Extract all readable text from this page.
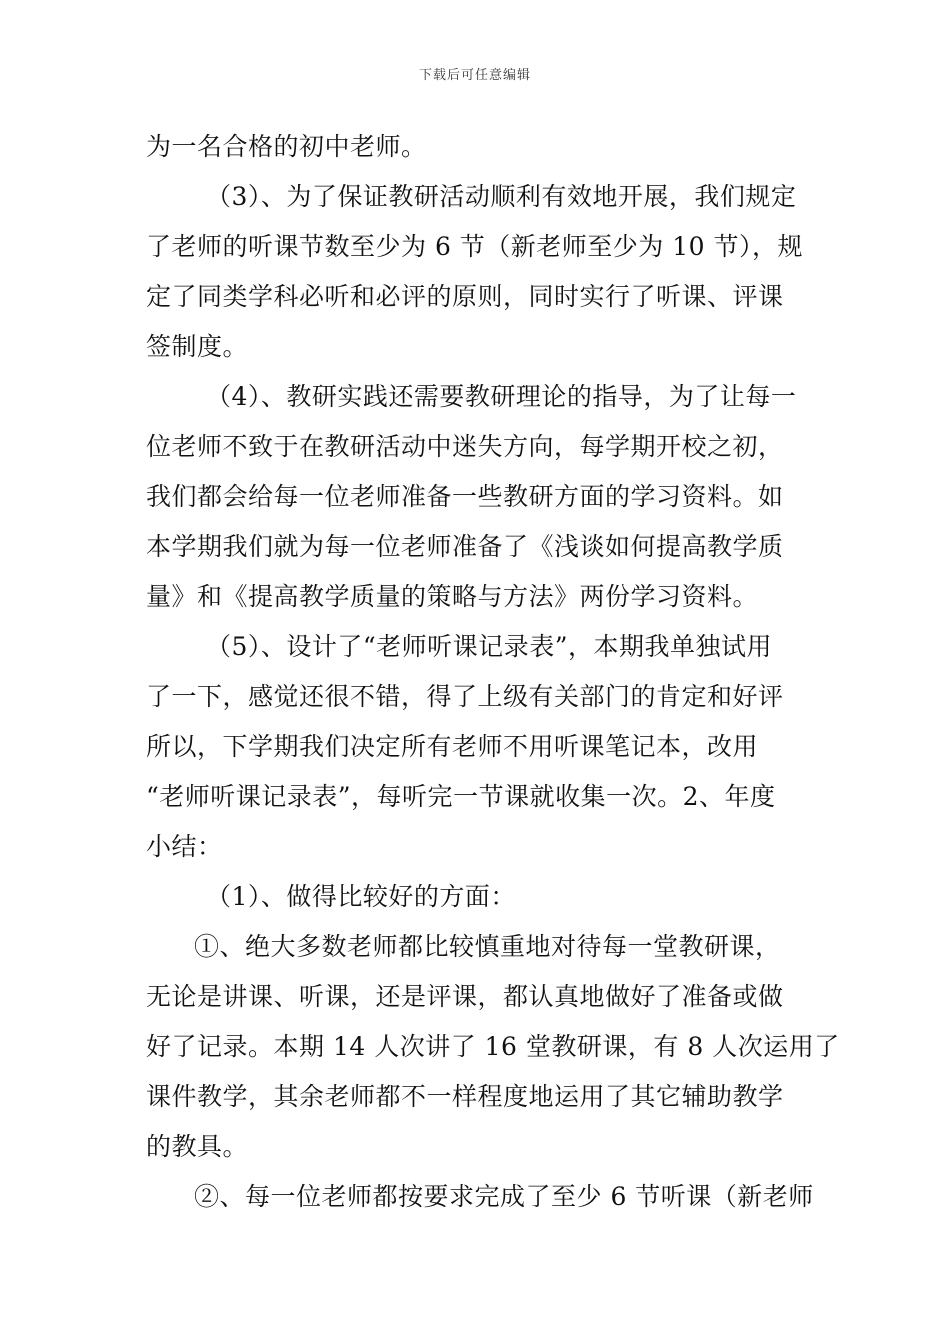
下载后可任意编辑
为一名合格的初中老师。
（3）、为了保证教研活动顺利有效地开展，我们规定
了老师的听课节数至少为 6 节（新老师至少为 10 节），规
定了同类学科必听和必评的原则，同时实行了听课、评课
签制度。
（4）、教研实践还需要教研理论的指导，为了让每一
位老师不致于在教研活动中迷失方向，每学期开校之初，
我们都会给每一位老师准备一些教研方面的学习资料。如
本学期我们就为每一位老师准备了《浅谈如何提高教学质
量》和《提高教学质量的策略与方法》两份学习资料。
（5）、设计了“老师听课记录表”，本期我单独试用
了一下，感觉还很不错，得了上级有关部门的肯定和好评
所以，下学期我们决定所有老师不用听课笔记本，改用
“老师听课记录表”，每听完一节课就收集一次。2、年度
小结：
（1）、做得比较好的方面：
①、绝大多数老师都比较慎重地对待每一堂教研课，
无论是讲课、听课，还是评课，都认真地做好了准备或做
好了记录。本期 14 人次讲了 16 堂教研课，有 8 人次运用了
课件教学，其余老师都不一样程度地运用了其它辅助教学
的教具。
②、每一位老师都按要求完成了至少 6 节听课（新老师
